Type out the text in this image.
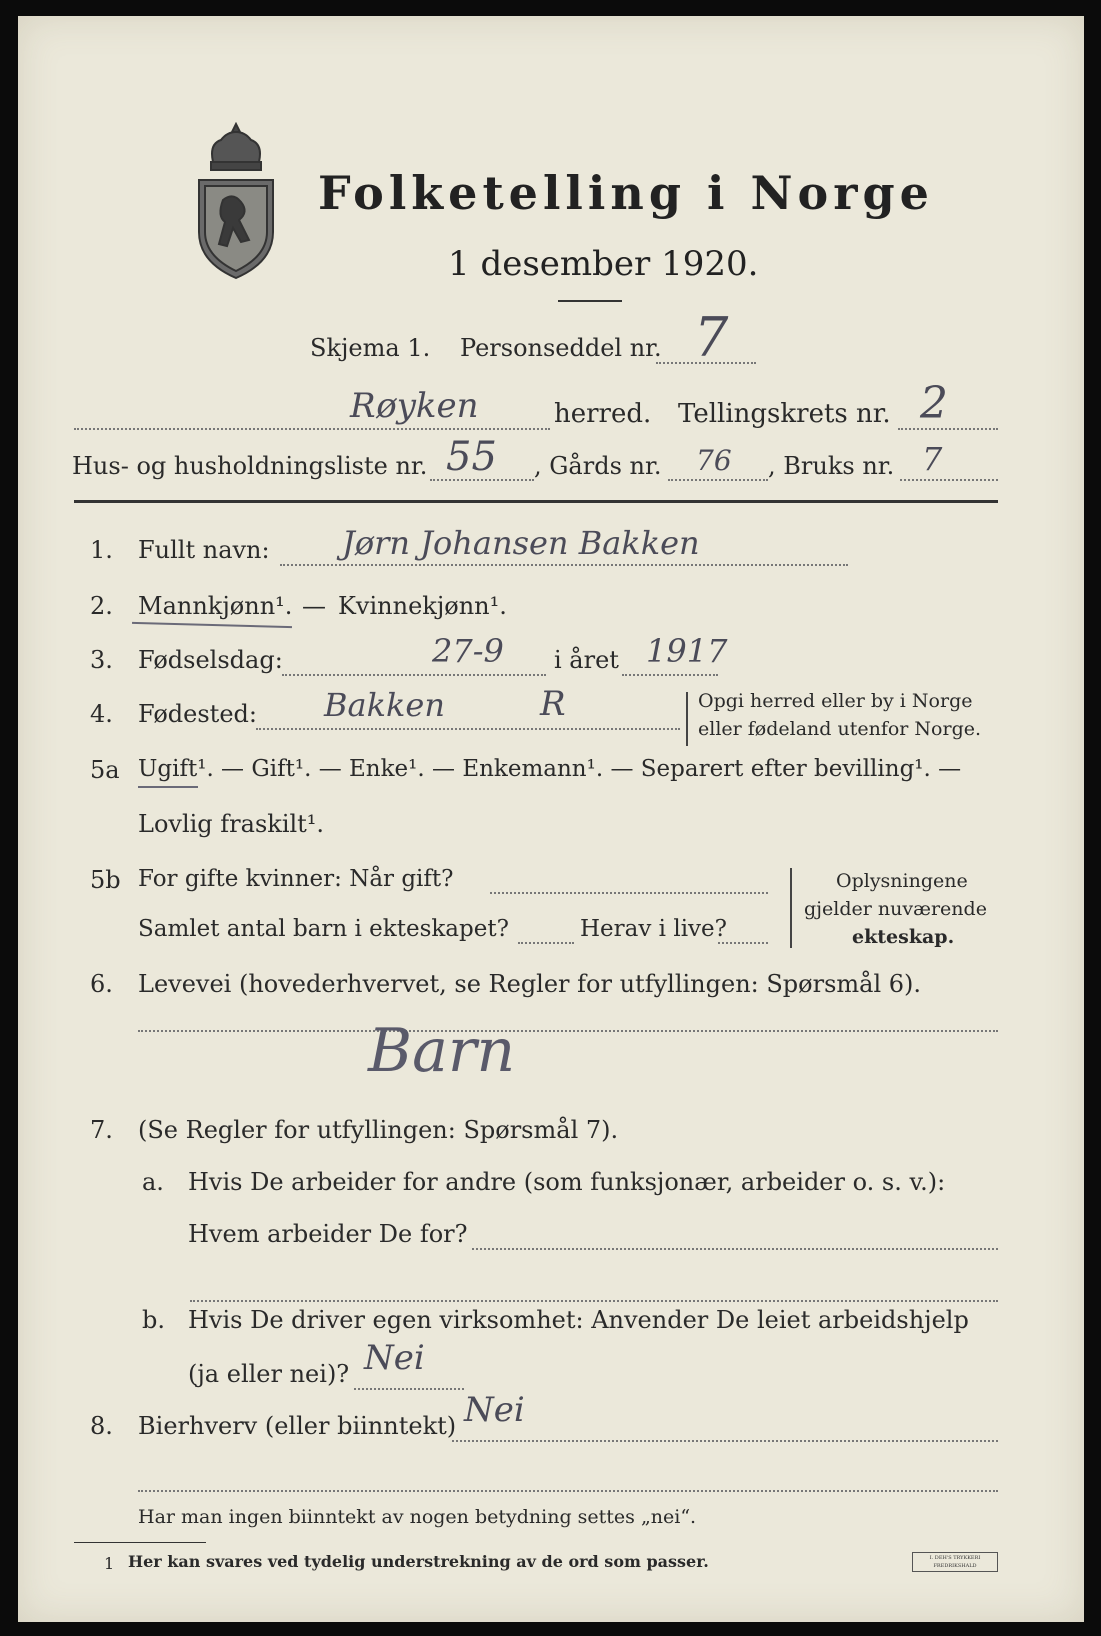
Folketelling i Norge
1 desember 1920.
Skjema 1. Personseddel nr. 7
Røyken	herred. Tellingskrets nr. 2
Hus- og husholdningsliste nr. 55 , Gårds nr. 76 , Bruks nr. 7
1. Fullt navn: Jørn Johansen Bakken
2. Mannkjønn¹. — Kvinnekjønn¹.
3. Fødselsdag:	27-9 i året 1917
4. Fødested: Bakken	R	Opgi herred eller by i Norge
eller fødeland utenfor Norge.
5a Ugift¹. — Gift¹. — Enke¹. — Enkemann¹. — Separert efter bevilling¹. —
Lovlig fraskilt¹.
5b For gifte kvinner: Når gift?
Samlet antal barn i ekteskapet?	Herav i live?
Oplysningene
gjelder nuværende
ekteskap.
6. Levevei (hovederhvervet, se Regler for utfyllingen: Spørsmål 6).
Barn
7. (Se Regler for utfyllingen: Spørsmål 7).
a. Hvis De arbeider for andre (som funksjonær, arbeider o. s. v.):
Hvem arbeider De for?
b. Hvis De driver egen virksomhet: Anvender De leiet arbeidshjelp
(ja eller nei)? Nei
8. Bierhverv (eller biinntekt) Nei
Har man ingen biinntekt av nogen betydning settes „nei“.
1 Her kan svares ved tydelig understrekning av de ord som passer.	I. DEH'S TRYKKERI FREDRIKSHALD
